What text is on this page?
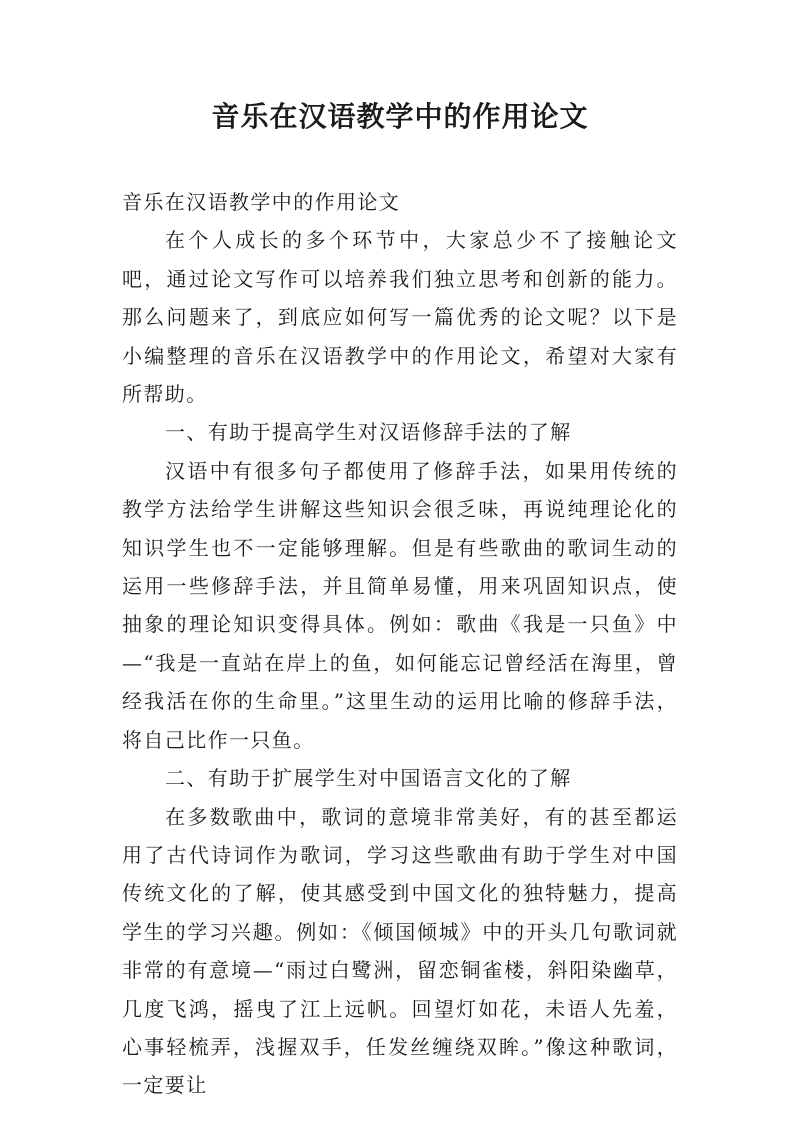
音乐在汉语教学中的作用论文

音乐在汉语教学中的作用论文

在个人成长的多个环节中，大家总少不了接触论文吧，通过论文写作可以培养我们独立思考和创新的能力。那么问题来了，到底应如何写一篇优秀的论文呢？以下是小编整理的音乐在汉语教学中的作用论文，希望对大家有所帮助。

一、有助于提高学生对汉语修辞手法的了解

汉语中有很多句子都使用了修辞手法，如果用传统的教学方法给学生讲解这些知识会很乏味，再说纯理论化的知识学生也不一定能够理解。但是有些歌曲的歌词生动的运用一些修辞手法，并且简单易懂，用来巩固知识点，使抽象的理论知识变得具体。例如：歌曲《我是一只鱼》中—“我是一直站在岸上的鱼，如何能忘记曾经活在海里，曾经我活在你的生命里。”这里生动的运用比喻的修辞手法，将自己比作一只鱼。

二、有助于扩展学生对中国语言文化的了解

在多数歌曲中，歌词的意境非常美好，有的甚至都运用了古代诗词作为歌词，学习这些歌曲有助于学生对中国传统文化的了解，使其感受到中国文化的独特魅力，提高学生的学习兴趣。例如：《倾国倾城》中的开头几句歌词就非常的有意境—“雨过白鹭洲，留恋铜雀楼，斜阳染幽草，几度飞鸿，摇曳了江上远帆。回望灯如花，未语人先羞，心事轻梳弄，浅握双手，任发丝缠绕双眸。”像这种歌词，一定要让
